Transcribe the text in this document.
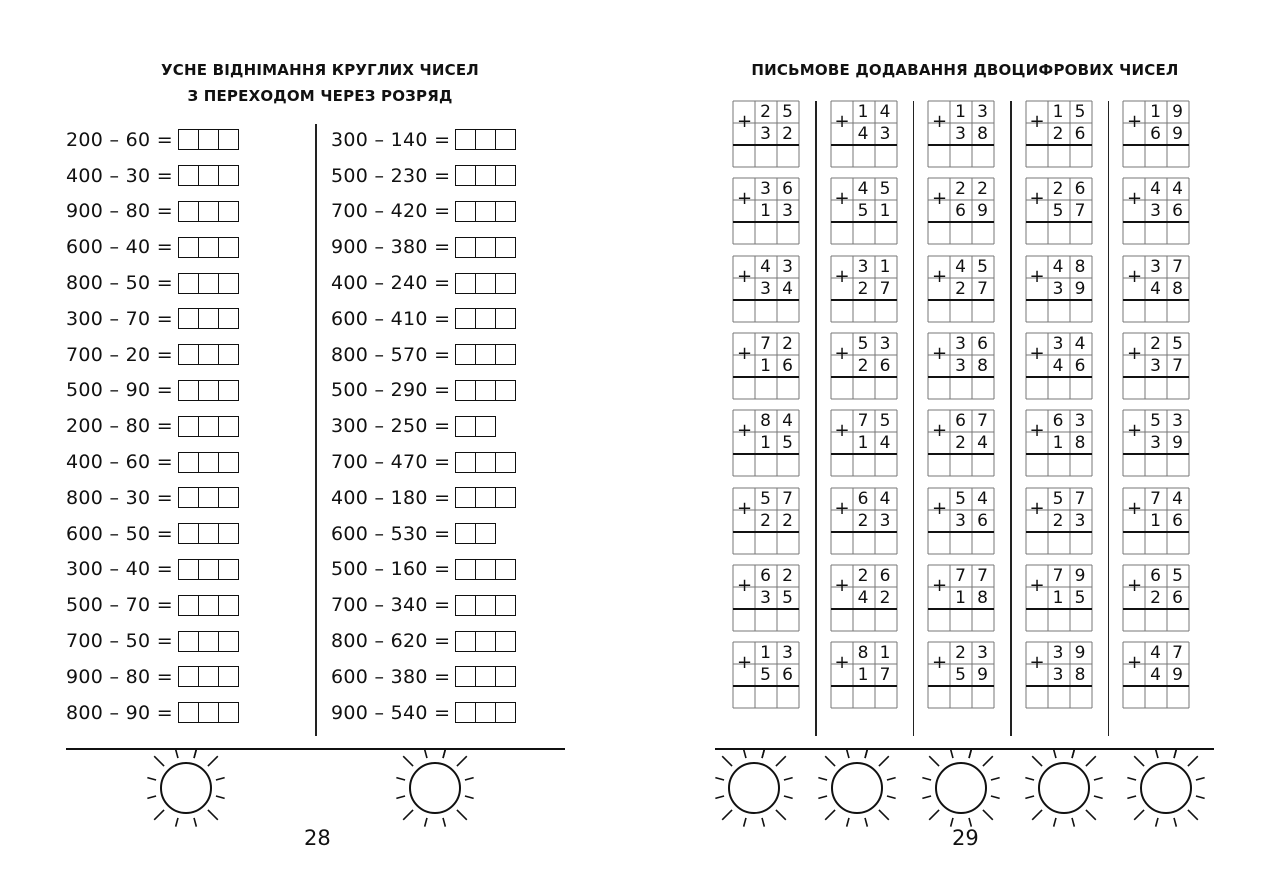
УСНЕ ВІДНІМАННЯ КРУГЛИХ ЧИСЕЛ
З ПЕРЕХОДОМ ЧЕРЕЗ РОЗРЯД
200 – 60 =
400 – 30 =
900 – 80 =
600 – 40 =
800 – 50 =
300 – 70 =
700 – 20 =
500 – 90 =
200 – 80 =
400 – 60 =
800 – 30 =
600 – 50 =
300 – 40 =
500 – 70 =
700 – 50 =
900 – 80 =
800 – 90 =
300 – 140 =
500 – 230 =
700 – 420 =
900 – 380 =
400 – 240 =
600 – 410 =
800 – 570 =
500 – 290 =
300 – 250 =
700 – 470 =
400 – 180 =
600 – 530 =
500 – 160 =
700 – 340 =
800 – 620 =
600 – 380 =
900 – 540 =
28
ПИСЬМОВЕ ДОДАВАННЯ ДВОЦИФРОВИХ ЧИСЕЛ
+ 2 5
3 2
+ 3 6
1 3
+ 4 3
3 4
+ 7 2
1 6
+ 8 4
1 5
+ 5 7
2 2
+ 6 2
3 5
+ 1 3
5 6
+ 1 4
4 3
+ 4 5
5 1
+ 3 1
2 7
+ 5 3
2 6
+ 7 5
1 4
+ 6 4
2 3
+ 2 6
4 2
+ 8 1
1 7
+ 1 3
3 8
+ 2 2
6 9
+ 4 5
2 7
+ 3 6
3 8
+ 6 7
2 4
+ 5 4
3 6
+ 7 7
1 8
+ 2 3
5 9
+ 1 5
2 6
+ 2 6
5 7
+ 4 8
3 9
+ 3 4
4 6
+ 6 3
1 8
+ 5 7
2 3
+ 7 9
1 5
+ 3 9
3 8
+ 1 9
6 9
+ 4 4
3 6
+ 3 7
4 8
+ 2 5
3 7
+ 5 3
3 9
+ 7 4
1 6
+ 6 5
2 6
+ 4 7
4 9
29
